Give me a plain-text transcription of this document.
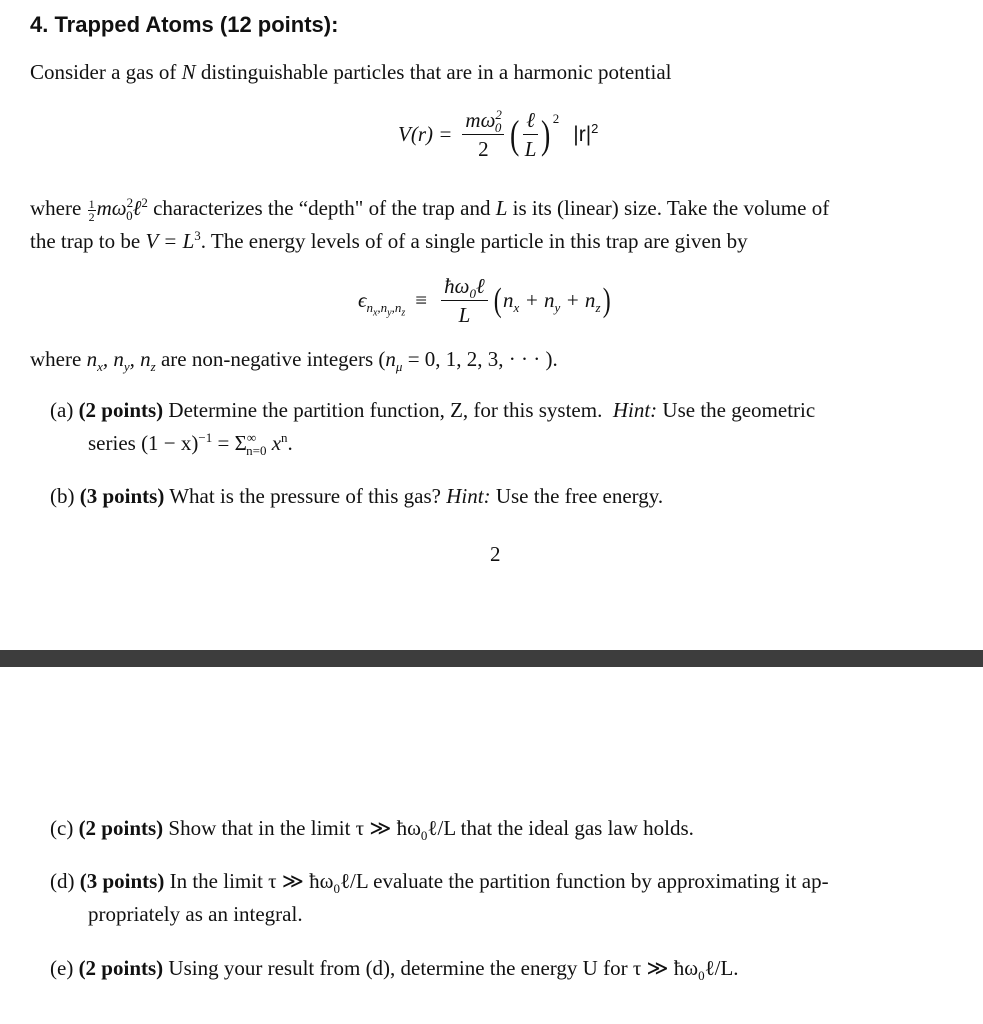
4. Trapped Atoms (12 points):

Consider a gas of N distinguishable particles that are in a harmonic potential

$V(r) = \frac{m\omega^2_0}{2}$ ( $\frac{\text{ℓ}}{L} )^2$
$|r|^2$

where $\frac{1}{2}$ $m\omega^2_0\ell^2$ characterizes the “depth" of the trap and L is its (linear) size. Take the volume of
the trap to be $V = L^3$. The energy levels of of a single particle in this trap are given by

$\epsilon_{n_x,n_y,n_z}$
≡ $\frac{ħ\omega_0\ell}{L}$ ( $n_x + n_y + n_z$ )

where $n_x$, $n_y$, $n_z$ are non-negative integers ($n_\mu = 0$, 1, 2, 3, · · · ).

(a) (2 points) Determine the partition function, Z, for this system. Hint: Use the geometric
series $(1 - x)^{-1} = \Sigma^\infty_{n=0}$ $x^n$.

(b) (3 points) What is the pressure of this gas? Hint: Use the free energy.

2

(c) (2 points) Show that in the limit τ ≫ $ħ\omega_0\ell/L$ that the ideal gas law holds.

(d) (3 points) In the limit τ ≫ $ħ\omega_0\ell/L$ evaluate the partition function by approximating it ap-
propriately as an integral.

(e) (2 points) Using your result from (d), determine the energy U for τ ≫ $ħ\omega_0\ell/L$.
